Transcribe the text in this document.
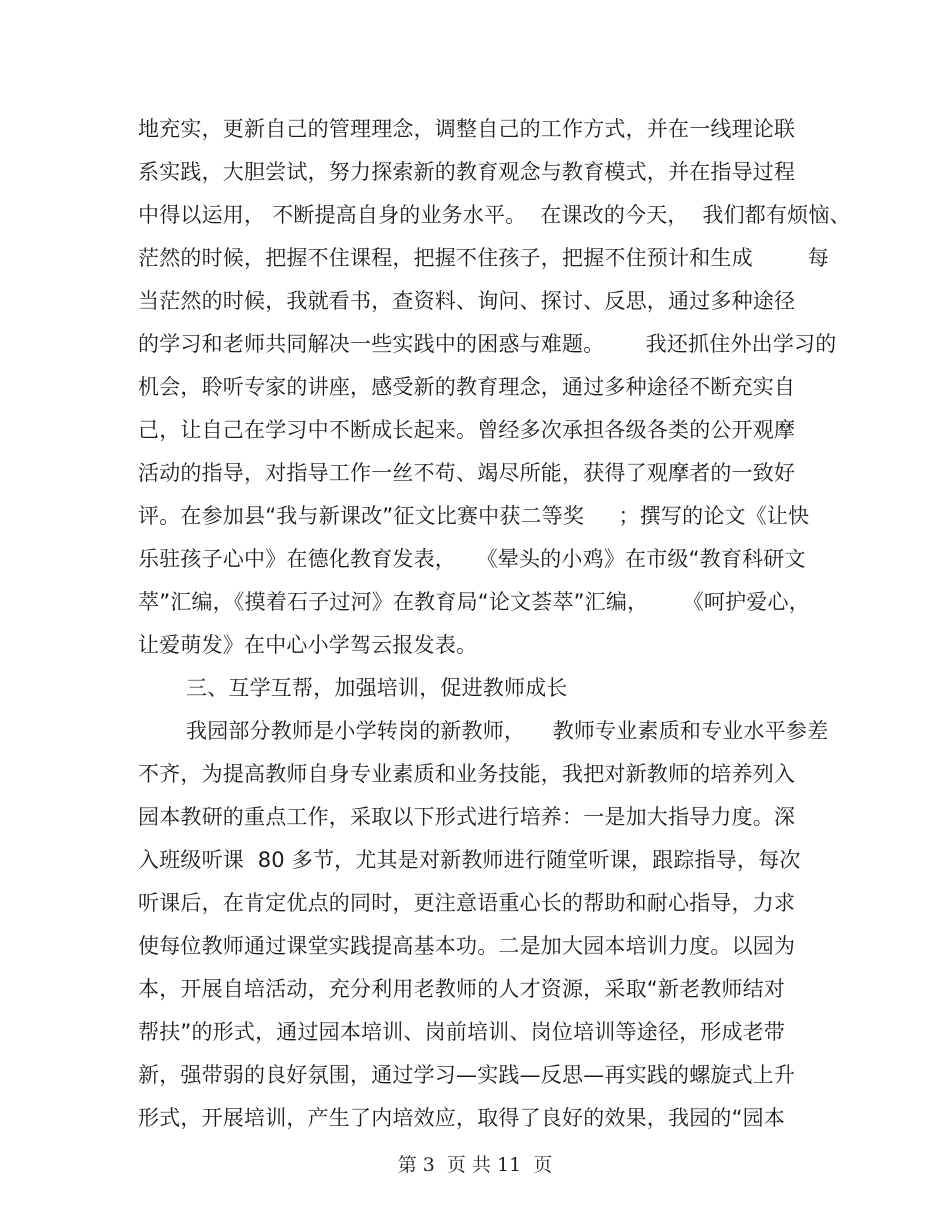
地充实，更新自己的管理理念，调整自己的工作方式，并在一线理论联
系实践，大胆尝试，努力探索新的教育观念与教育模式，并在指导过程
中得以运用， 不断提高自身的业务水平。  在课改的今天，  我们都有烦恼、
茫然的时候，把握不住课程，把握不住孩子，把握不住预计和生成        每
当茫然的时候，我就看书，查资料、询问、探讨、反思，通过多种途径
的学习和老师共同解决一些实践中的困惑与难题。      我还抓住外出学习的
机会，聆听专家的讲座，感受新的教育理念，通过多种途径不断充实自
己，让自己在学习中不断成长起来。曾经多次承担各级各类的公开观摩
活动的指导，对指导工作一丝不苟、竭尽所能，获得了观摩者的一致好
评。在参加县“我与新课改”征文比赛中获二等奖     ；撰写的论文《让快
乐驻孩子心中》在德化教育发表，   《晕头的小鸡》在市级“教育科研文
萃”汇编，《摸着石子过河》在教育局“论文荟萃”汇编，     《呵护爱心，
让爱萌发》在中心小学驾云报发表。
三、互学互帮，加强培训，促进教师成长
我园部分教师是小学转岗的新教师，    教师专业素质和专业水平参差
不齐，为提高教师自身专业素质和业务技能，我把对新教师的培养列入
园本教研的重点工作，采取以下形式进行培养：一是加大指导力度。深
入班级听课  80 多节，尤其是对新教师进行随堂听课，跟踪指导，每次
听课后，在肯定优点的同时，更注意语重心长的帮助和耐心指导，力求
使每位教师通过课堂实践提高基本功。二是加大园本培训力度。以园为
本，开展自培活动，充分利用老教师的人才资源，采取“新老教师结对
帮扶”的形式，通过园本培训、岗前培训、岗位培训等途径，形成老带
新，强带弱的良好氛围，通过学习—实践—反思—再实践的螺旋式上升
形式，开展培训，产生了内培效应，取得了良好的效果，我园的“园本
第 3  页 共 11  页
